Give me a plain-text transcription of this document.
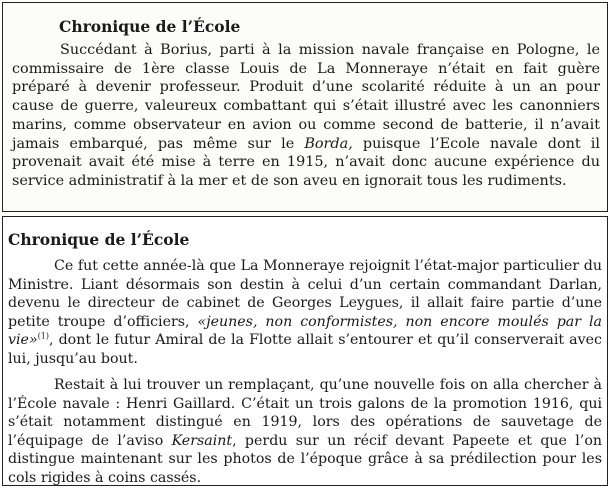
Chronique de l’École
Succédant à Borius, parti à la mission navale française en Pologne, le commissaire de 1ère classe Louis de La Monneraye n’était en fait guère préparé à devenir professeur. Produit d’une scolarité réduite à un an pour cause de guerre, valeureux combattant qui s’était illustré avec les canonniers marins, comme observateur en avion ou comme second de batterie, il n’avait jamais embarqué, pas même sur le Borda, puisque l’Ecole navale dont il provenait avait été mise à terre en 1915, n’avait donc aucune expérience du service administratif à la mer et de son aveu en ignorait tous les rudiments.
Chronique de l’École
Ce fut cette année-là que La Monneraye rejoignit l’état-major particulier du Ministre. Liant désormais son destin à celui d’un certain commandant Darlan, devenu le directeur de cabinet de Georges Leygues, il allait faire partie d’une petite troupe d’officiers, «jeunes, non conformistes, non encore moulés par la vie»$^{(1)}$, dont le futur Amiral de la Flotte allait s’entourer et qu’il conserverait avec lui, jusqu’au bout.
Restait à lui trouver un remplaçant, qu’une nouvelle fois on alla chercher à l’École navale : Henri Gaillard. C’était un trois galons de la promotion 1916, qui s’était notamment distingué en 1919, lors des opérations de sauvetage de l’équipage de l’aviso Kersaint, perdu sur un récif devant Papeete et que l’on distingue maintenant sur les photos de l’époque grâce à sa prédilection pour les cols rigides à coins cassés.
